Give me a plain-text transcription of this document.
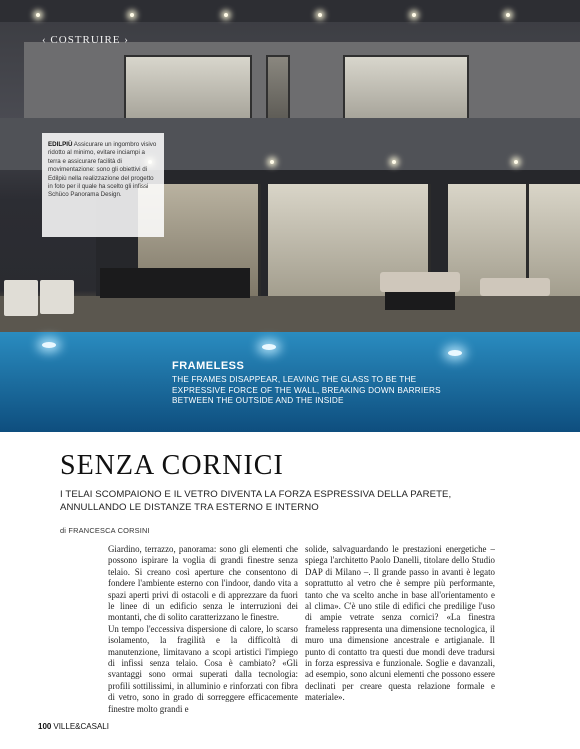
‹ COSTRUIRE ›
EDILPIÙ Assicurare un ingombro visivo ridotto al minimo, evitare inciampi a terra e assicurare facilità di movimentazione: sono gli obiettivi di Edilpiù nella realizzazione del progetto in foto per il quale ha scelto gli infissi Schüco Panorama Design.
FRAMELESS
THE FRAMES DISAPPEAR, LEAVING THE GLASS TO BE THE EXPRESSIVE FORCE OF THE WALL, BREAKING DOWN BARRIERS BETWEEN THE OUTSIDE AND THE INSIDE
SENZA CORNICI
I TELAI SCOMPAIONO E IL VETRO DIVENTA LA FORZA ESPRESSIVA DELLA PARETE, ANNULLANDO LE DISTANZE TRA ESTERNO E INTERNO
di FRANCESCA CORSINI

Giardino, terrazzo, panorama: sono gli elementi che possono ispirare la voglia di grandi finestre senza telaio. Si creano così aperture che consentono di fondere l'ambiente esterno con l'indoor, dando vita a spazi aperti privi di ostacoli e di apprezzare da fuori le linee di un edificio senza le interruzioni dei montanti, che di solito caratterizzano le finestre.

Un tempo l'eccessiva dispersione di calore, lo scarso isolamento, la fragilità e la difficoltà di manutenzione, limitavano a scopi artistici l'impiego di infissi senza telaio. Cosa è cambiato? «Gli svantaggi sono ormai superati dalla tecnologia: profili sottilissimi, in alluminio e rinforzati con fibra di vetro, sono in grado di sorreggere efficacemente finestre molto grandi e

solide, salvaguardando le prestazioni energetiche – spiega l'architetto Paolo Danelli, titolare dello Studio DAP di Milano –. Il grande passo in avanti è legato soprattutto al vetro che è sempre più performante, tanto che va scelto anche in base all'orientamento e al clima». C'è uno stile di edifici che predilige l'uso di ampie vetrate senza cornici? «La finestra frameless rappresenta una dimensione tecnologica, il muro una dimensione ancestrale e artigianale. Il punto di contatto tra questi due mondi deve tradursi in forza espressiva e funzionale. Soglie e davanzali, ad esempio, sono alcuni elementi che possono essere declinati per creare questa relazione formale e materiale».

100 VILLE&CASALI
